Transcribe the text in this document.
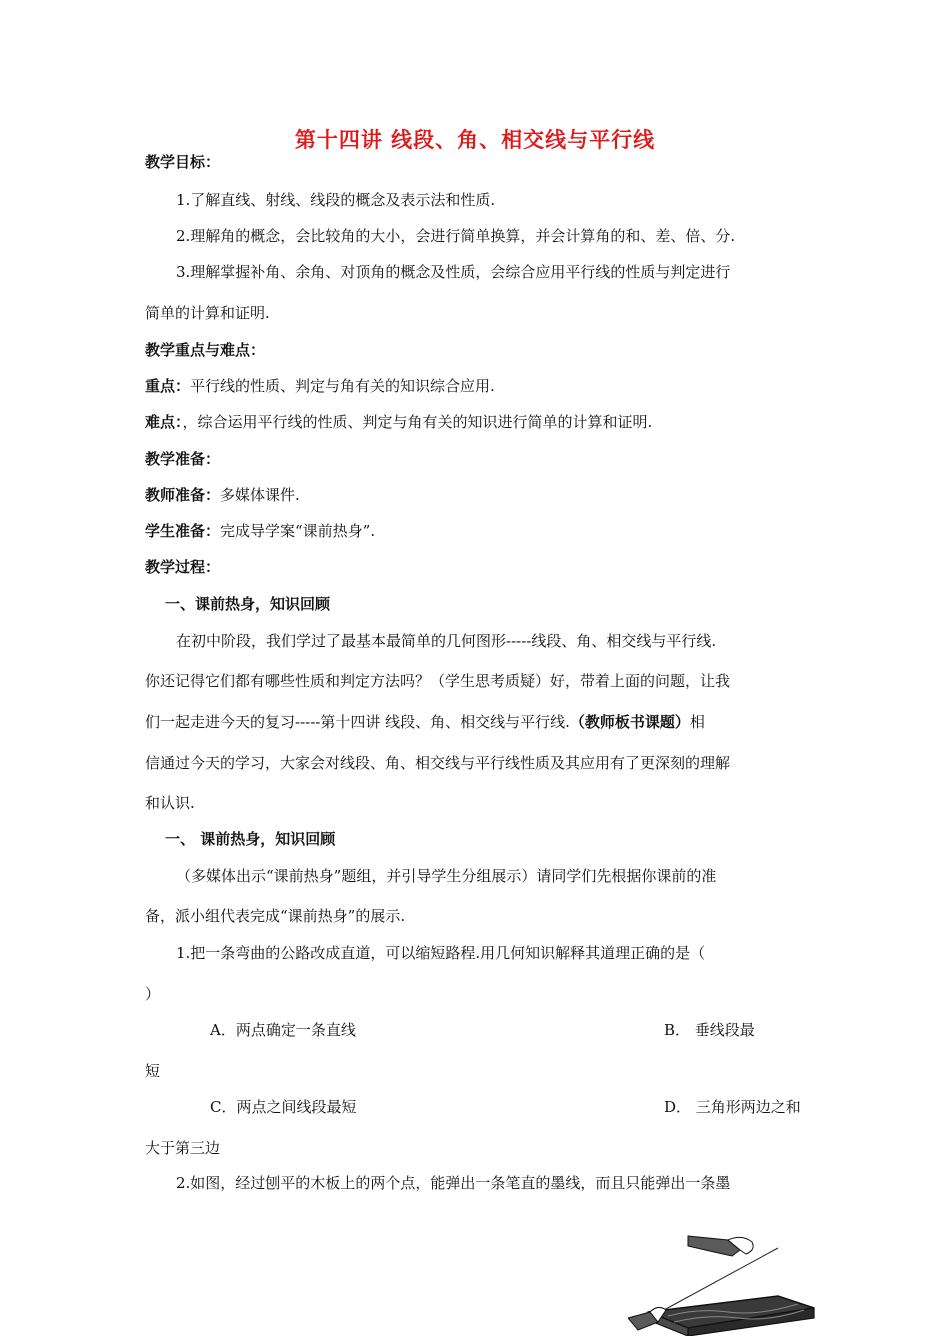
第十四讲 线段、角、相交线与平行线
教学目标：
1.了解直线、射线、线段的概念及表示法和性质.
2.理解角的概念，会比较角的大小，会进行简单换算，并会计算角的和、差、倍、分.
3.理解掌握补角、余角、对顶角的概念及性质，会综合应用平行线的性质与判定进行
简单的计算和证明.
教学重点与难点：
重点：平行线的性质、判定与角有关的知识综合应用.
难点：，综合运用平行线的性质、判定与角有关的知识进行简单的计算和证明.
教学准备：
教师准备：多媒体课件.
学生准备：完成导学案“课前热身”.
教学过程：
一、课前热身，知识回顾
在初中阶段，我们学过了最基本最简单的几何图形-----线段、角、相交线与平行线.
你还记得它们都有哪些性质和判定方法吗？（学生思考质疑）好，带着上面的问题，让我
们一起走进今天的复习-----第十四讲 线段、角、相交线与平行线.（教师板书课题）相
信通过今天的学习，大家会对线段、角、相交线与平行线性质及其应用有了更深刻的理解
和认识.
一、 课前热身，知识回顾
（多媒体出示“课前热身”题组，并引导学生分组展示）请同学们先根据你课前的准
备，派小组代表完成“课前热身”的展示.
1.把一条弯曲的公路改成直道，可以缩短路程.用几何知识解释其道理正确的是（
）
A．两点确定一条直线	B． 垂线段最
短
C．两点之间线段最短	D． 三角形两边之和
大于第三边
2.如图，经过刨平的木板上的两个点，能弹出一条笔直的墨线，而且只能弹出一条墨
